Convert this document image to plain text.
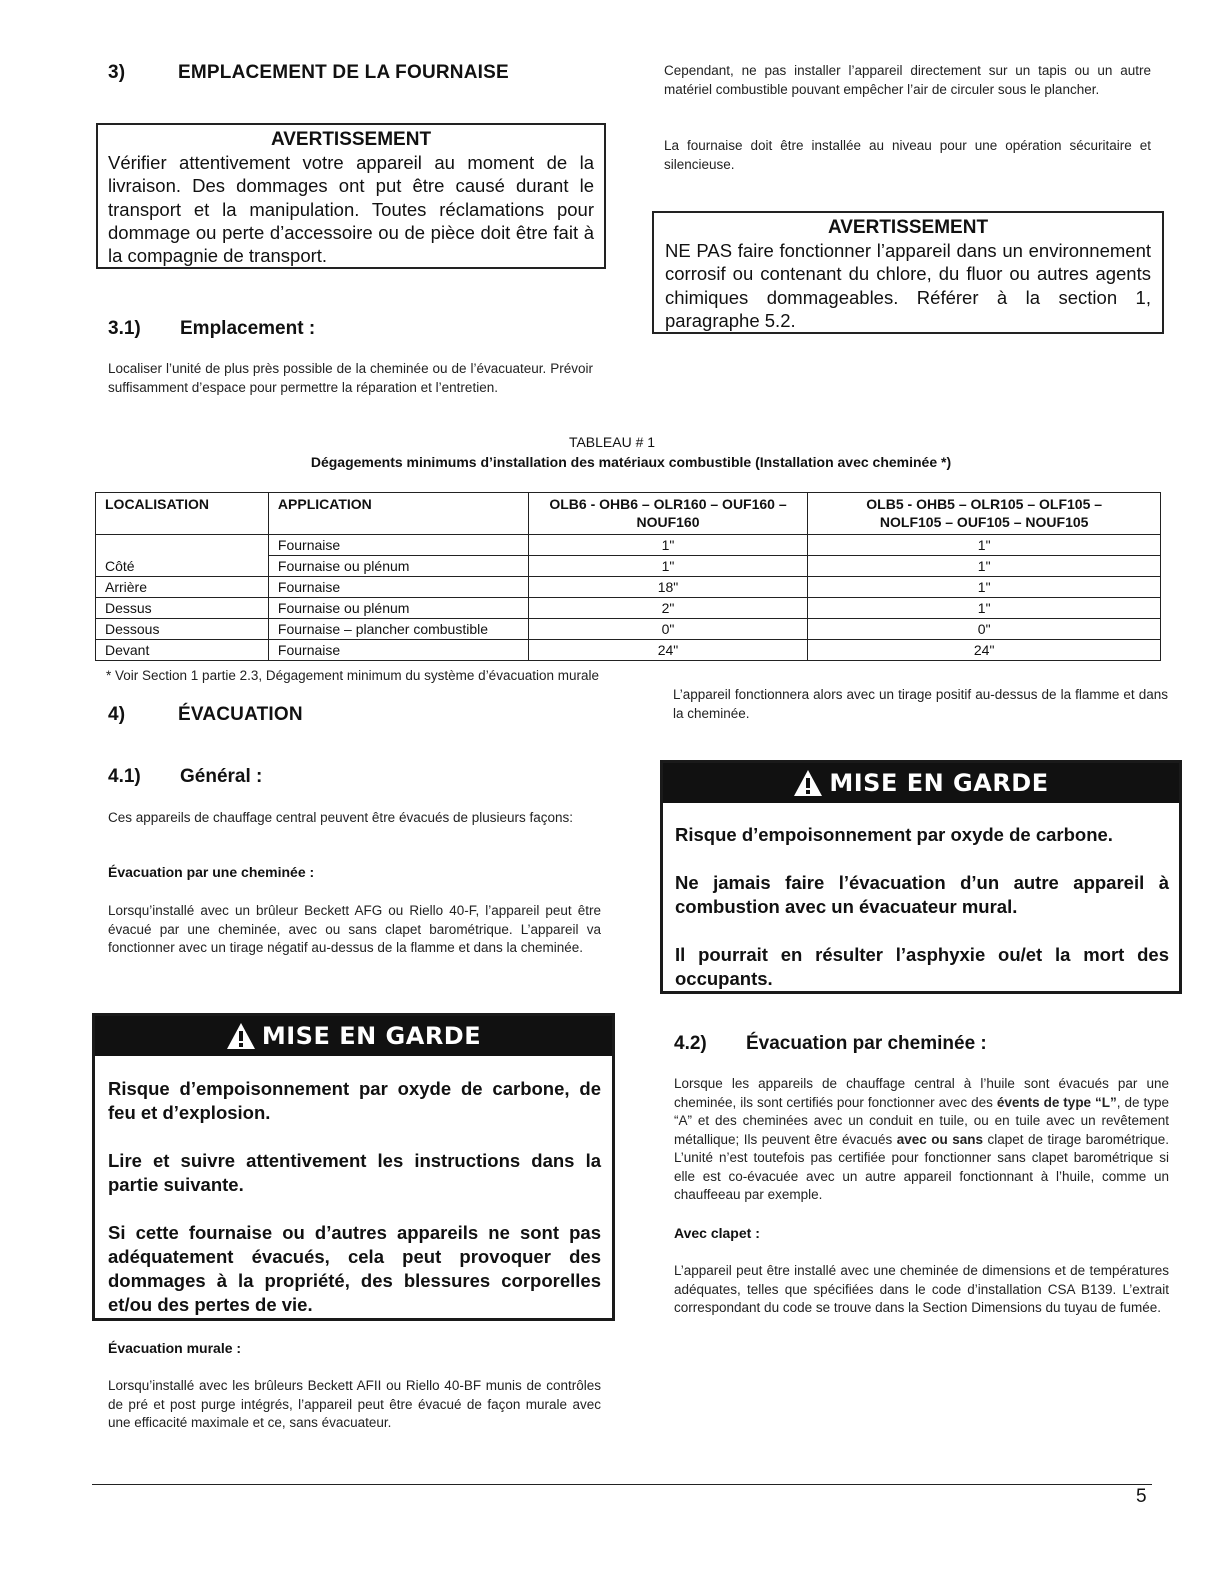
3)	EMPLACEMENT DE LA FOURNAISE
AVERTISSEMENT
Vérifier attentivement votre appareil au moment de la livraison. Des dommages ont put être causé durant le transport et la manipulation. Toutes réclamations pour dommage ou perte d’accessoire ou de pièce doit être fait à la compagnie de transport.
3.1) Emplacement :
Localiser l’unité de plus près possible de la cheminée ou de l’évacuateur. Prévoir suffisamment d’espace pour permettre la réparation et l’entretien.
Cependant, ne pas installer l’appareil directement sur un tapis ou un autre matériel combustible pouvant empêcher l’air de circuler sous le plancher.
La fournaise doit être installée au niveau pour une opération sécuritaire et silencieuse.
AVERTISSEMENT
NE PAS faire fonctionner l’appareil dans un environnement corrosif ou contenant du chlore, du fluor ou autres agents chimiques dommageables. Référer à la section 1, paragraphe 5.2.
TABLEAU # 1
Dégagements minimums d’installation des matériaux combustible (Installation avec cheminée *)
LOCALISATION	APPLICATION	OLB6 - OHB6 – OLR160 – OUF160 – NOUF160	OLB5 - OHB5 – OLR105 – OLF105 – NOLF105 – OUF105 – NOUF105
Côté	Fournaise	1"	1"
	Fournaise ou plénum	1"	1"
Arrière	Fournaise	18"	1"
Dessus	Fournaise ou plénum	2"	1"
Dessous	Fournaise – plancher combustible	0"	0"
Devant	Fournaise	24"	24"
* Voir Section 1 partie 2.3, Dégagement minimum du système d’évacuation murale
4)	ÉVACUATION
4.1) Général :
Ces appareils de chauffage central peuvent être évacués de plusieurs façons:
Évacuation par une cheminée :
Lorsqu’installé avec un brûleur Beckett AFG ou Riello 40-F, l’appareil peut être évacué par une cheminée, avec ou sans clapet barométrique. L’appareil va fonctionner avec un tirage négatif au-dessus de la flamme et dans la cheminée.
MISE EN GARDE

Risque d’empoisonnement par oxyde de carbone, de feu et d’explosion.

Lire et suivre attentivement les instructions dans la partie suivante.

Si cette fournaise ou d’autres appareils ne sont pas adéquatement évacués, cela peut provoquer des dommages à la propriété, des blessures corporelles et/ou des pertes de vie.

Évacuation murale :
Lorsqu’installé avec les brûleurs Beckett AFII ou Riello 40-BF munis de contrôles de pré et post purge intégrés, l’appareil peut être évacué de façon murale avec une efficacité maximale et ce, sans évacuateur.
L’appareil fonctionnera alors avec un tirage positif au-dessus de la flamme et dans la cheminée.
MISE EN GARDE

Risque d’empoisonnement par oxyde de carbone.

Ne jamais faire l’évacuation d’un autre appareil à combustion avec un évacuateur mural.

Il pourrait en résulter l’asphyxie ou/et la mort des occupants.

4.2) Évacuation par cheminée :
Lorsque les appareils de chauffage central à l’huile sont évacués par une cheminée, ils sont certifiés pour fonctionner avec des évents de type “L”, de type “A” et des cheminées avec un conduit en tuile, ou en tuile avec un revêtement métallique; Ils peuvent être évacués avec ou sans clapet de tirage barométrique. L’unité n’est toutefois pas certifiée pour fonctionner sans clapet barométrique si elle est co-évacuée avec un autre appareil fonctionnant à l’huile, comme un chauffeeau par exemple.
Avec clapet :
L’appareil peut être installé avec une cheminée de dimensions et de températures adéquates, telles que spécifiées dans le code d’installation CSA B139. L’extrait correspondant du code se trouve dans la Section Dimensions du tuyau de fumée.
5
